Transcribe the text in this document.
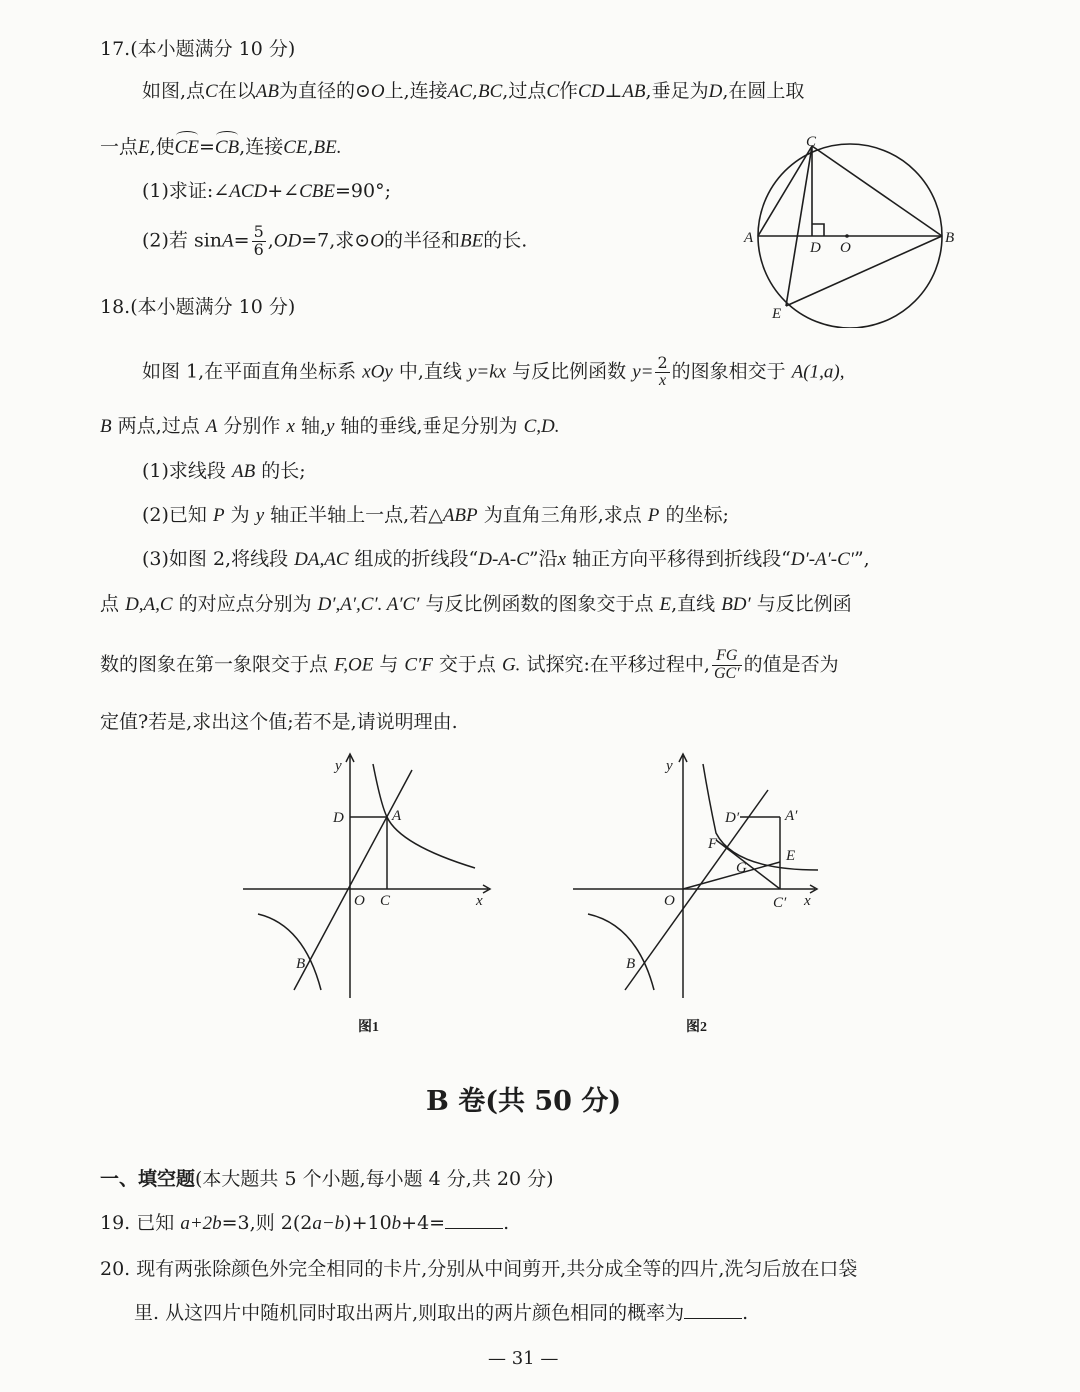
17.(本小题满分 10 分)
如图,点C在以AB为直径的⊙O上,连接AC,BC,过点C作CD⊥AB,垂足为D,在圆上取
一点E,使CE=CB,连接CE,BE.
(1)求证:∠ACD+∠CBE=90°;
(2)若 $\sin A= \frac{5}{6} ,OD=7$,求⊙O的半径和BE的长.
C
A
D O
B
E
18.(本小题满分 10 分)
如图 1,在平面直角坐标系 xOy 中,直线 y=kx 与反比例函数 $y= \frac{2}{x}$ 的图象相交于 A(1,a),
B 两点,过点 A 分别作 x 轴,y 轴的垂线,垂足分别为 C,D.
(1)求线段 AB 的长;
(2)已知 P 为 y 轴正半轴上一点,若△ABP 为直角三角形,求点 P 的坐标;
(3)如图 2,将线段 DA,AC 组成的折线段“D-A-C”沿x 轴正方向平移得到折线段“D′-A′-C′”,
点 D,A,C 的对应点分别为 D′,A′,C′. A′C′ 与反比例函数的图象交于点 E,直线 BD′ 与反比例函
数的图象在第一象限交于点 F,OE 与 C′F 交于点 G. 试探究:在平移过程中, $\frac{FG}{GC'}$ 的值是否为
定值?若是,求出这个值;若不是,请说明理由.
y
D	A
O C	x
B
图1
y
D′	A′
F
G
E
O	C′ x
B
图2
B 卷(共 50 分)
一、填空题(本大题共 5 个小题,每小题 4 分,共 20 分)
19. 已知 a+2b=3,则 2(2a−b)+10b+4=	.
20. 现有两张除颜色外完全相同的卡片,分别从中间剪开,共分成全等的四片,洗匀后放在口袋
里. 从这四片中随机同时取出两片,则取出的两片颜色相同的概率为	.
— 31 —
